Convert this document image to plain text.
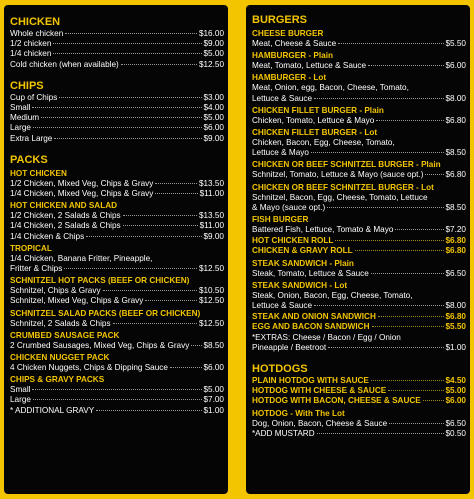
CHICKEN
Whole chicken	$16.00
1/2 chicken	$9.00
1/4 chicken	$5.00
Cold chicken (when available)	$12.50
CHIPS
Cup of Chips	$3.00
Small	$4.00
Medium	$5.00
Large	$6.00
Extra Large	$9.00
PACKS
HOT CHICKEN
1/2 Chicken, Mixed Veg, Chips & Gravy	$13.50
1/4 Chicken, Mixed Veg, Chips & Gravy	$11.00
HOT CHICKEN AND SALAD
1/2 Chicken, 2 Salads & Chips	$13.50
1/4 Chicken, 2 Salads & Chips	$11.00
1/4 Chicken & Chips	$9.00
TROPICAL
1/4 Chicken, Banana Fritter, Pineapple,
Fritter & Chips	$12.50
SCHNITZEL HOT PACKS (BEEF OR CHICKEN)
Schnitzel, Chips & Gravy	$10.50
Schnitzel, Mixed Veg, Chips & Gravy	$12.50
SCHNITZEL SALAD PACKS (BEEF OR CHICKEN)
Schnitzel, 2 Salads & Chips	$12.50
CRUMBED SAUSAGE PACK
2 Crumbed Sausages, Mixed Veg, Chips & Gravy $8.50
CHICKEN NUGGET PACK
4 Chicken Nuggets, Chips & Dipping Sauce	$6.00
CHIPS & GRAVY PACKS
Small	$5.00
Large	$7.00
* ADDITIONAL GRAVY	$1.00
BURGERS
CHEESE BURGER
Meat, Cheese & Sauce	$5.50
HAMBURGER - Plain
Meat, Tomato, Lettuce & Sauce	$6.00
HAMBURGER - Lot
Meat, Onion, egg, Bacon, Cheese, Tomato,
Lettuce & Sauce	$8.00
CHICKEN FILLET BURGER - Plain
Chicken, Tomato, Lettuce & Mayo	$6.80
CHICKEN FILLET BURGER - Lot
Chicken, Bacon, Egg, Cheese, Tomato,
Lettuce & Mayo	$8.50
CHICKEN OR BEEF SCHNITZEL BURGER - Plain
Schnitzel, Tomato, Lettuce & Mayo (sauce opt.)	$6.80
CHICKEN OR BEEF SCHNITZEL BURGER - Lot
Schnitzel, Bacon, Egg, Cheese, Tomato, Lettuce
& Mayo (sauce opt.)	$8.50
FISH BURGER
Battered Fish, Lettuce, Tomato & Mayo	$7.20
HOT CHICKEN ROLL	$6.80
CHICKEN & GRAVY ROLL	$6.80
STEAK SANDWICH - Plain
Steak, Tomato, Lettuce & Sauce	$6.50
STEAK SANDWICH - Lot
Steak, Onion, Bacon, Egg, Cheese, Tomato,
Lettuce & Sauce	$8.00
STEAK AND ONION SANDWICH	$6.80
EGG AND BACON SANDWICH	$5.50
*EXTRAS: Cheese / Bacon / Egg / Onion
Pineapple / Beetroot	$1.00
HOTDOGS
PLAIN HOTDOG WITH SAUCE	$4.50
HOTDOG WITH CHEESE & SAUCE	$5.00
HOTDOG WITH BACON, CHEESE & SAUCE	$6.00
HOTDOG - With The Lot
Dog, Onion, Bacon, Cheese & Sauce	$6.50
*ADD MUSTARD	$0.50
